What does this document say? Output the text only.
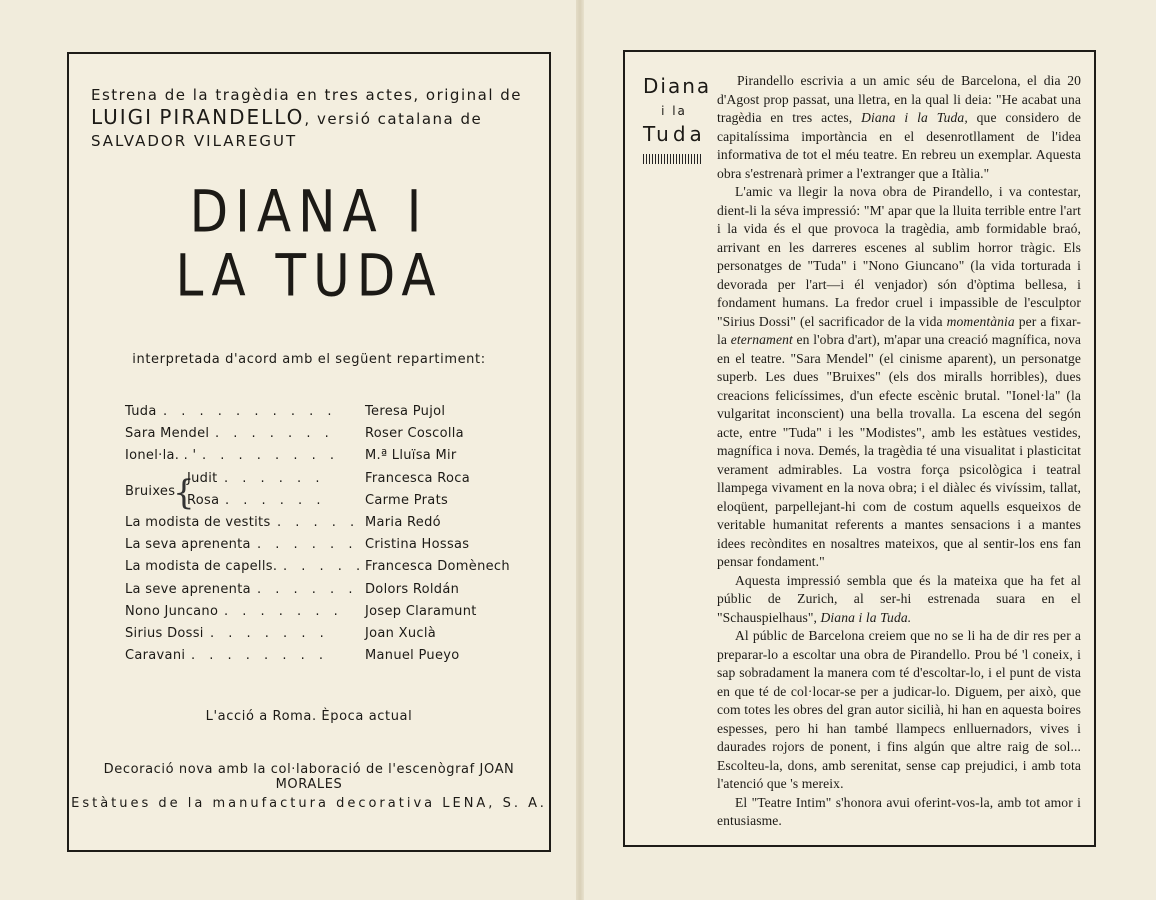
Estrena de la tragèdia en tres actes, original de LUIGI PIRANDELLO, versió catalana de SALVADOR VILAREGUT

DIANA I
LA TUDA

interpretada d'acord amb el següent repartiment:

Tuda . . . . . . . . . . Teresa Pujol
Sara Mendel . . . . . . . Roser Coscolla
Ionel·la. . ' . . . . . . . . M.ª Lluïsa Mir
Bruixes
{
Judit . . . . . .	Francesca Roca
Rosa . . . . . .	Carme Prats
La modista de vestits . . . . . Maria Redó
La seva aprenenta . . . . . . Cristina Hossas
La modista de capells. . . . . . Francesca Domènech
La seve aprenenta . . . . . . Dolors Roldán
Nono Juncano . . . . . . . Josep Claramunt
Sirius Dossi . . . . . . .	Joan Xuclà
Caravani . . . . . . . .	Manuel Pueyo

L'acció a Roma. Època actual

Decoració nova amb la col·laboració de l'escenògraf JOAN MORALES

Estàtues de la manufactura decorativa LENA, S. A.

Diana
i la
Tuda

Pirandello escrivia a un amic séu de Barcelona, el dia 20 d'Agost prop passat, una lletra, en la qual li deia: "He acabat una tragèdia en tres actes, Diana i la Tuda, que considero de capitalíssima importància en el desenrotllament de l'idea informativa de tot el méu teatre. En rebreu un exemplar. Aquesta obra s'estrenarà primer a l'extranger que a Itàlia."

L'amic va llegir la nova obra de Pirandello, i va contestar, dient-li la séva impressió: "M' apar que la lluita terrible entre l'art i la vida és el que provoca la tragèdia, amb formidable braó, arrivant en les darreres escenes al sublim horror tràgic. Els personatges de "Tuda" i "Nono Giuncano" (la vida torturada i devorada per l'art—i él venjador) són d'òptima bellesa, i fondament humans. La fredor cruel i impassible de l'esculptor "Sirius Dossi" (el sacrificador de la vida momentània per a fixar-la eternament en l'obra d'art), m'apar una creació magnífica, nova en el teatre. "Sara Mendel" (el cinisme aparent), un personatge superb. Les dues "Bruixes" (els dos miralls horribles), dues creacions felicíssimes, d'un efecte escènic brutal. "Ionel·la" (la vulgaritat inconscient) una bella trovalla. La escena del segón acte, entre "Tuda" i les "Modistes", amb les estàtues vestides, magnífica i nova. Demés, la tragèdia té una visualitat i plasticitat verament admirables. La vostra força psicològica i teatral llampega vivament en la nova obra; i el diàlec és vivíssim, tallat, eloqüent, parpellejant-hi com de costum aquells esqueixos de veritable humanitat referents a mantes sensacions i a mantes idees recòndites en nosaltres mateixos, que al sentir-los ens fan pensar fondament."

Aquesta impressió sembla que és la mateixa que ha fet al públic de Zurich, al ser-hi estrenada suara en el "Schauspielhaus", Diana i la Tuda.

Al públic de Barcelona creiem que no se li ha de dir res per a preparar-lo a escoltar una obra de Pirandello. Prou bé 'l coneix, i sap sobradament la manera com té d'escoltar-lo, i el punt de vista en que té de col·locar-se per a judicar-lo. Diguem, per això, que com totes les obres del gran autor sicilià, hi han en aquesta boires espesses, pero hi han també llampecs enlluernadors, vives i daurades rojors de ponent, i fins algún que altre raig de sol... Escolteu-la, dons, amb serenitat, sense cap prejudici, i amb tota l'atenció que 's mereix.

El "Teatre Intim" s'honora avui oferint-vos-la, amb tot amor i entusiasme.
